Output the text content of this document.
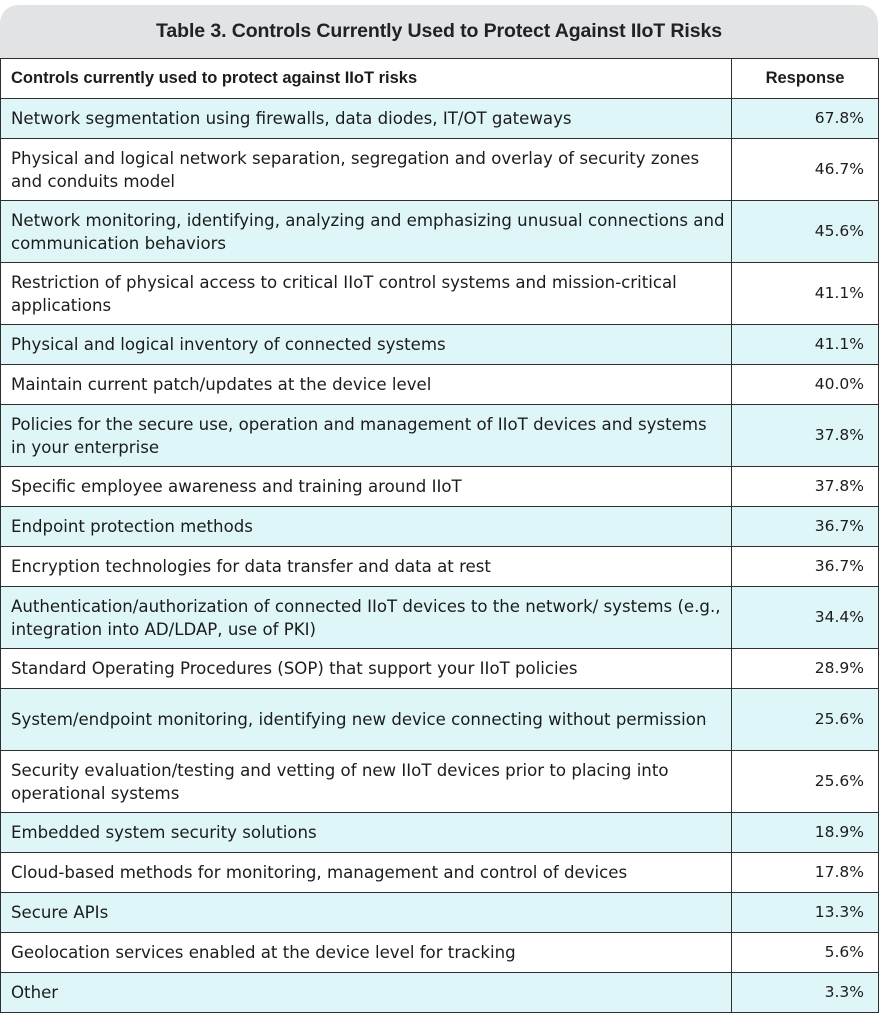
Table 3. Controls Currently Used to Protect Against IIoT Risks
Controls currently used to protect against IIoT risks	Response
Network segmentation using firewalls, data diodes, IT/OT gateways	67.8%
Physical and logical network separation, segregation and overlay of security zones and conduits model	46.7%
Network monitoring, identifying, analyzing and emphasizing unusual connections and communication behaviors	45.6%
Restriction of physical access to critical IIoT control systems and mission-critical applications	41.1%
Physical and logical inventory of connected systems	41.1%
Maintain current patch/updates at the device level	40.0%
Policies for the secure use, operation and management of IIoT devices and systems in your enterprise	37.8%
Specific employee awareness and training around IIoT	37.8%
Endpoint protection methods	36.7%
Encryption technologies for data transfer and data at rest	36.7%
Authentication/authorization of connected IIoT devices to the network/ systems (e.g., integration into AD/LDAP, use of PKI)	34.4%
Standard Operating Procedures (SOP) that support your IIoT policies	28.9%
System/endpoint monitoring, identifying new device connecting without permission	25.6%
Security evaluation/testing and vetting of new IIoT devices prior to placing into operational systems	25.6%
Embedded system security solutions	18.9%
Cloud-based methods for monitoring, management and control of devices	17.8%
Secure APIs	13.3%
Geolocation services enabled at the device level for tracking	5.6%
Other	3.3%
